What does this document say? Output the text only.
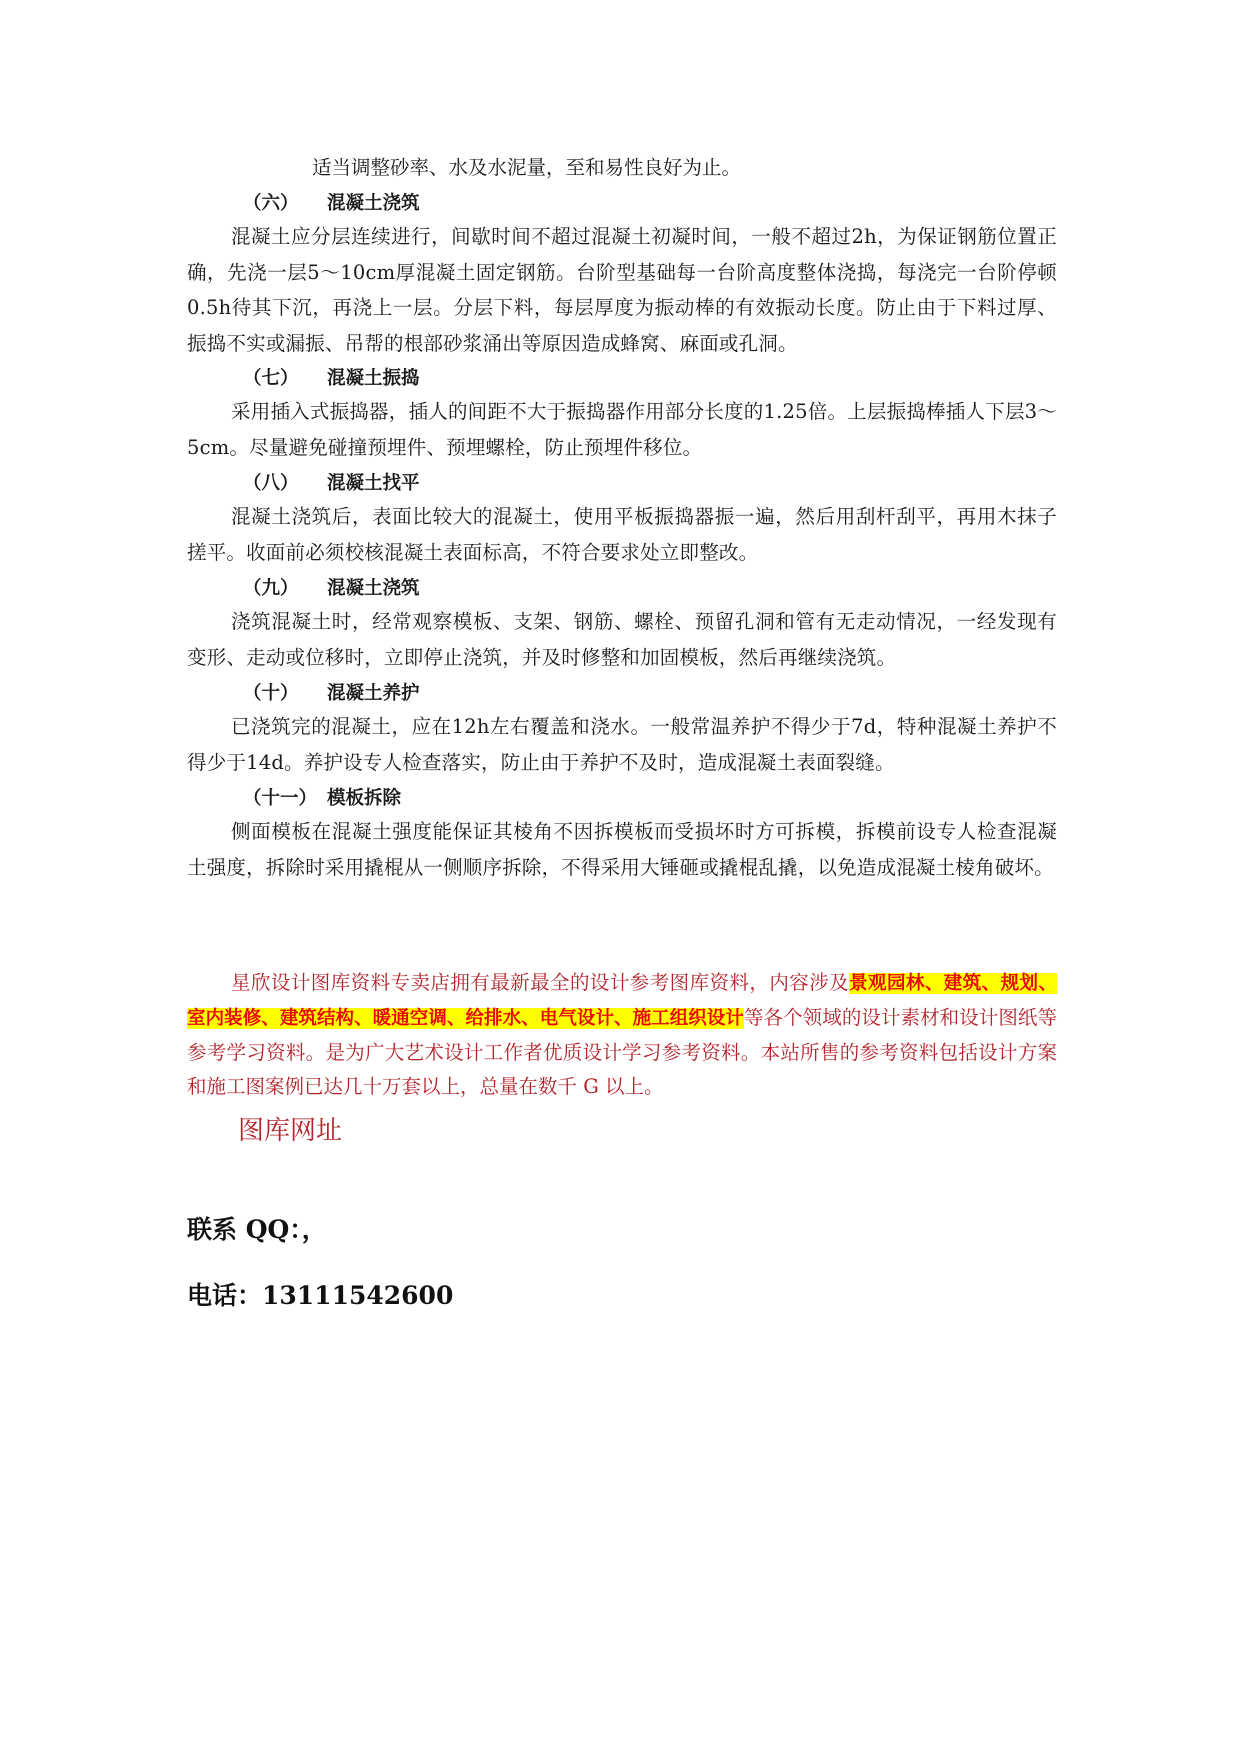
适当调整砂率、水及水泥量，至和易性良好为止。

（六） 混凝土浇筑

混凝土应分层连续进行，间歇时间不超过混凝土初凝时间，一般不超过2h，为保证钢筋位置正确，先浇一层5～10cm厚混凝土固定钢筋。台阶型基础每一台阶高度整体浇捣，每浇完一台阶停顿0.5h待其下沉，再浇上一层。分层下料，每层厚度为振动棒的有效振动长度。防止由于下料过厚、振捣不实或漏振、吊帮的根部砂浆涌出等原因造成蜂窝、麻面或孔洞。

（七） 混凝土振捣

采用插入式振捣器，插人的间距不大于振捣器作用部分长度的1.25倍。上层振捣棒插人下层3～5cm。尽量避免碰撞预埋件、预埋螺栓，防止预埋件移位。

（八） 混凝土找平

混凝土浇筑后，表面比较大的混凝土，使用平板振捣器振一遍，然后用刮杆刮平，再用木抹子搓平。收面前必须校核混凝土表面标高，不符合要求处立即整改。

（九） 混凝土浇筑

浇筑混凝土时，经常观察模板、支架、钢筋、螺栓、预留孔洞和管有无走动情况，一经发现有变形、走动或位移时，立即停止浇筑，并及时修整和加固模板，然后再继续浇筑。

（十） 混凝土养护

已浇筑完的混凝土，应在12h左右覆盖和浇水。一般常温养护不得少于7d，特种混凝土养护不得少于14d。养护设专人检查落实，防止由于养护不及时，造成混凝土表面裂缝。

（十一） 模板拆除

侧面模板在混凝土强度能保证其棱角不因拆模板而受损坏时方可拆模，拆模前设专人检查混凝土强度，拆除时采用撬棍从一侧顺序拆除，不得采用大锤砸或撬棍乱撬，以免造成混凝土棱角破坏。

星欣设计图库资料专卖店拥有最新最全的设计参考图库资料，内容涉及景观园林、建筑、规划、室内装修、建筑结构、暖通空调、给排水、电气设计、施工组织设计等各个领域的设计素材和设计图纸等参考学习资料。是为广大艺术设计工作者优质设计学习参考资料。本站所售的参考资料包括设计方案和施工图案例已达几十万套以上，总量在数千 G 以上。

图库网址

联系 QQ：，

电话：13111542600
